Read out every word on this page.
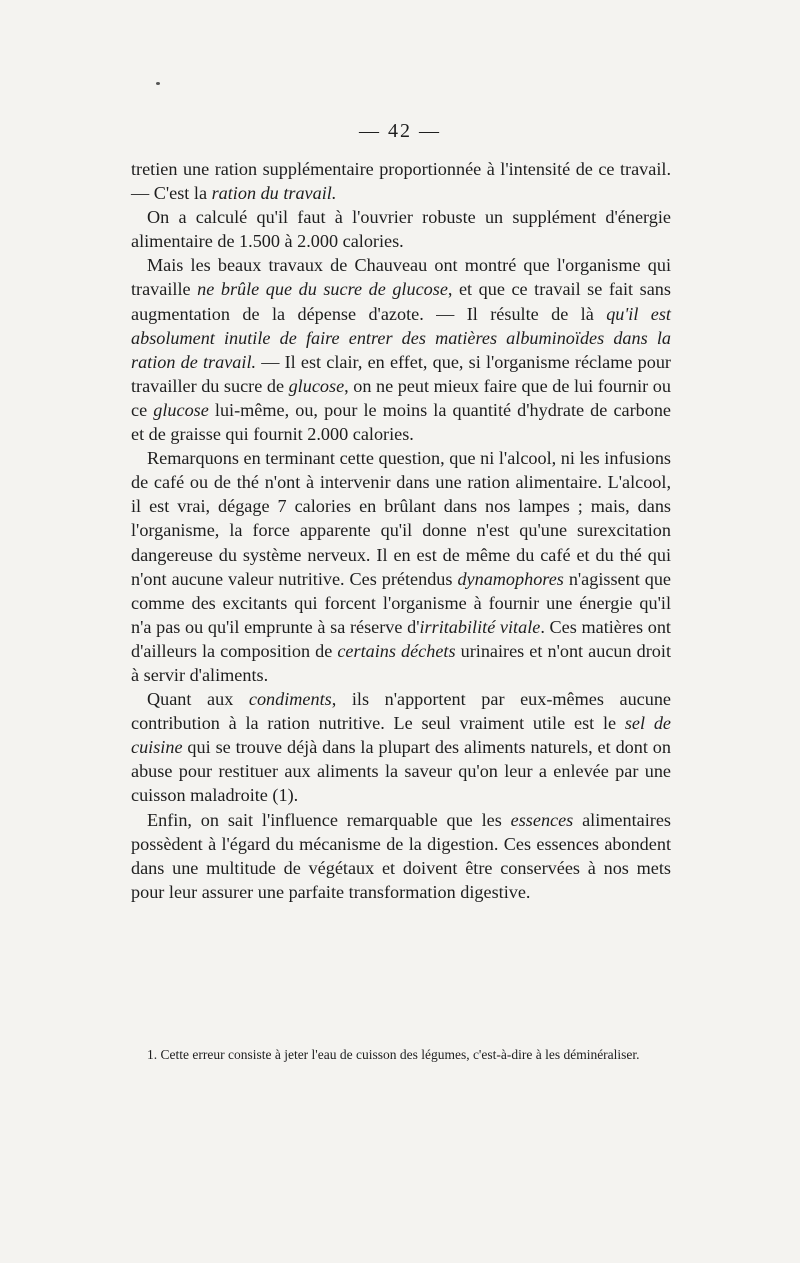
— 42 —

tretien une ration supplémentaire proportionnée à l'intensité de ce travail. — C'est la ration du travail.

On a calculé qu'il faut à l'ouvrier robuste un supplément d'énergie alimentaire de 1.500 à 2.000 calories.

Mais les beaux travaux de Chauveau ont montré que l'organisme qui travaille ne brûle que du sucre de glucose, et que ce travail se fait sans augmentation de la dépense d'azote. — Il résulte de là qu'il est absolument inutile de faire entrer des matières albuminoïdes dans la ration de travail. — Il est clair, en effet, que, si l'organisme réclame pour travailler du sucre de glucose, on ne peut mieux faire que de lui fournir ou ce glucose lui-même, ou, pour le moins la quantité d'hydrate de carbone et de graisse qui fournit 2.000 calories.

Remarquons en terminant cette question, que ni l'alcool, ni les infusions de café ou de thé n'ont à intervenir dans une ration alimentaire. L'alcool, il est vrai, dégage 7 calories en brûlant dans nos lampes ; mais, dans l'organisme, la force apparente qu'il donne n'est qu'une surexcitation dangereuse du système nerveux. Il en est de même du café et du thé qui n'ont aucune valeur nutritive. Ces prétendus dynamophores n'agissent que comme des excitants qui forcent l'organisme à fournir une énergie qu'il n'a pas ou qu'il emprunte à sa réserve d'irritabilité vitale. Ces matières ont d'ailleurs la composition de certains déchets urinaires et n'ont aucun droit à servir d'aliments.

Quant aux condiments, ils n'apportent par eux-mêmes aucune contribution à la ration nutritive. Le seul vraiment utile est le sel de cuisine qui se trouve déjà dans la plupart des aliments naturels, et dont on abuse pour restituer aux aliments la saveur qu'on leur a enlevée par une cuisson maladroite (1).

Enfin, on sait l'influence remarquable que les essences alimentaires possèdent à l'égard du mécanisme de la digestion. Ces essences abondent dans une multitude de végétaux et doivent être conservées à nos mets pour leur assurer une parfaite transformation digestive.

1. Cette erreur consiste à jeter l'eau de cuisson des légumes, c'est-à-dire à les déminéraliser.
